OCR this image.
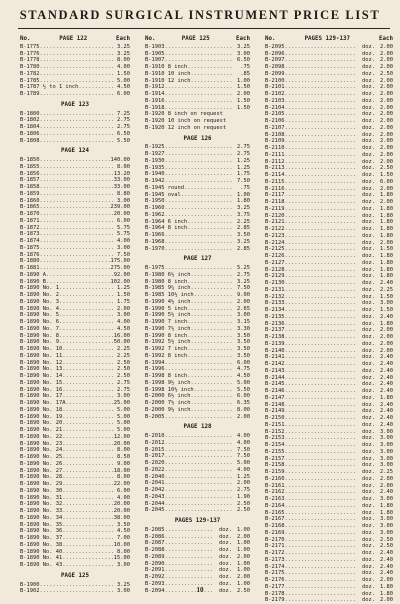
STANDARD SURGICAL INSTRUMENT PRICE LIST
No.	PAGE 122	Each
B-1775 .....	3.25
B-1776 .....	3.25
B-1778 .....	8.00
B-1780 .....	4.00
B-1782 .....	1.50
B-1785 .....	5.00
B-1787 ½ to 1 inch .....	4.50
B-1789 .....	6.00
PAGE 123
B-1800 .....	7.25
B-1802 .....	2.75
B-1804 .....	2.75
B-1806 .....	6.50
B-1808 .....	5.50
PAGE 124
B-1850 .....	140.00
B-1855 .....	8.00
B-1856 .....	13.20
B-1857 .....	33.00
B-1858 .....	33.00
B-1859 .....	8.80
B-1860 .....	3.00
B-1865 .....	239.00
B-1870 .....	20.00
B-1871 .....	6.00
B-1872 .....	5.75
B-1873 .....	5.75
B-1874 .....	4.00
B-1875 .....	3.00
B-1876 .....	7.50
B-1880 .....	175.00
B-1881 .....	275.00
B-1890 A .....	92.00
B-1890 B .....	102.00
B-1890 No. 1 .....	1.25
B-1890 No. 2 .....	1.50
B-1890 No. 3 .....	1.75
B-1890 No. 4 .....	2.00
B-1890 No. 5 .....	3.00
B-1890 No. 6 .....	4.00
B-1890 No. 7 .....	4.50
B-1890 No. 8 .....	16.00
B-1890 No. 9 .....	50.00
B-1890 No. 10 .....	2.25
B-1890 No. 11 .....	2.25
B-1890 No. 12 .....	2.50
B-1890 No. 13 .....	2.50
B-1890 No. 14 .....	2.50
B-1890 No. 15 .....	2.75
B-1890 No. 16 .....	2.75
B-1890 No. 17 .....	3.00
B-1890 No. 17A .....	25.00
B-1890 No. 18 .....	5.00
B-1890 No. 19 .....	5.00
B-1890 No. 20 .....	5.00
B-1890 No. 21 .....	5.00
B-1890 No. 22 .....	12.00
B-1890 No. 23 .....	20.00
B-1890 No. 24 .....	8.00
B-1890 No. 25 .....	8.50
B-1890 No. 26 .....	9.00
B-1890 No. 27 .....	18.00
B-1890 No. 28 .....	8.00
B-1890 No. 29 .....	22.00
B-1890 No. 30 .....	6.00
B-1890 No. 31 .....	4.00
B-1890 No. 32 .....	20.00
B-1890 No. 33 .....	20.00
B-1890 No. 34 .....	38.00
B-1890 No. 35 .....	3.50
B-1890 No. 36 .....	4.50
B-1890 No. 37 .....	7.00
B-1890 No. 38 .....	10.00
B-1890 No. 40 .....	8.00
B-1890 No. 41 .....	15.00
B-1890 No. 43 .....	3.00
PAGE 125
B-1900 .....	3.25
B-1902 .....	3.00
No.	PAGE 125	Each
B-1903 .....	3.25
B-1905 .....	3.00
B-1907 .....	6.50
B-1910 8 inch .....	.75
B-1910 10 inch .....	.85
B-1910 12 inch .....	1.00
B-1912 .....	1.50
B-1914 .....	2.00
B-1916 .....	1.50
B-1918 .....	1.50
B-1920 8 inch on request
B-1920 10 inch on request
B-1920 12 inch on request
PAGE 126
B-1925 .....	2.75
B-1927 .....	2.75
B-1930 .....	1.25
B-1935 .....	1.25
B-1940 .....	1.75
B-1942 .....	7.50
B-1945 round .....	.75
B-1945 oval .....	1.00
B-1950 .....	1.80
B-1960 .....	3.25
B-1962 .....	3.75
B-1964 6 inch .....	2.25
B-1964 8 inch .....	2.85
B-1966 .....	3.50
B-1968 .....	3.25
B-1970 .....	2.85
PAGE 127
B-1975 .....	5.25
B-1980 6½ inch .....	2.75
B-1980 8 inch .....	3.25
B-1985 9¼ inch .....	7.50
B-1985 10½ inch .....	9.00
B-1990 4½ inch .....	2.00
B-1990 5 inch .....	2.65
B-1990 5½ inch .....	3.00
B-1990 7 inch .....	3.15
B-1990 7½ inch .....	3.30
B-1990 8 inch .....	3.50
B-1992 5½ inch .....	3.50
B-1992 7 inch .....	3.50
B-1992 8 inch .....	3.50
B-1994 .....	6.00
B-1996 .....	4.75
B-1998 8 inch .....	4.50
B-1998 9½ inch .....	5.00
B-1998 10½ inch .....	5.50
B-2000 6½ inch .....	6.00
B-2000 7½ inch .....	6.35
B-2000 9½ inch .....	8.00
B-2005 .....	2.00
PAGE 128
B-2010 .....	4.00
B-2012 .....	4.00
B-2015 .....	7.50
B-2017 .....	7.50
B-2020 .....	5.00
B-2022 .....	4.00
B-2040 .....	1.25
B-2041 .....	2.00
B-2042 .....	2.75
B-2043 .....	1.90
B-2044 .....	2.50
B-2045 .....	2.50
PAGES 129-137
B-2085 .....	doz. 1.00
B-2086 .....	doz. 2.00
B-2087 .....	doz. 1.00
B-2088 .....	doz. 1.00
B-2089 .....	doz. 2.00
B-2090 .....	doz. 1.00
B-2091 .....	doz. 1.00
B-2092 .....	doz. 2.00
B-2093 .....	doz. 1.00
B-2094 .....	doz. 2.50
No.	PAGES 129-137	Each
B-2095 .....	doz. 2.00
B-2096 .....	doz. 2.00
B-2097 .....	doz. 2.00
B-2098 .....	doz. 2.00
B-2099 .....	doz. 2.50
B-2100 .....	doz. 2.00
B-2101 .....	doz. 2.00
B-2102 .....	doz. 2.00
B-2103 .....	doz. 2.00
B-2104 .....	doz. 2.00
B-2105 .....	doz. 2.00
B-2106 .....	doz. 2.00
B-2107 .....	doz. 2.00
B-2108 .....	doz. 2.00
B-2109 .....	doz. 2.00
B-2110 .....	doz. 2.00
B-2111 .....	doz. 2.00
B-2112 .....	doz. 2.00
B-2113 .....	doz. 2.50
B-2114 .....	doz. 1.50
B-2115 .....	doz. 6.00
B-2116 .....	doz. 2.00
B-2117 .....	doz. 1.80
B-2118 .....	doz. 2.00
B-2119 .....	doz. 1.80
B-2120 .....	doz. 1.80
B-2121 .....	doz. 1.80
B-2122 .....	doz. 1.80
B-2123 .....	doz. 1.80
B-2124 .....	doz. 2.00
B-2125 .....	doz. 1.50
B-2126 .....	doz. 1.80
B-2127 .....	doz. 1.80
B-2128 .....	doz. 1.80
B-2129 .....	doz. 1.80
B-2130 .....	doz. 2.40
B-2131 .....	doz. 2.25
B-2132 .....	doz. 1.50
B-2133 .....	doz. 3.00
B-2134 .....	doz. 1.50
B-2135 .....	doz. 2.40
B-2136 .....	doz. 1.80
B-2137 .....	doz. 2.00
B-2138 .....	doz. 2.00
B-2139 .....	doz. 2.00
B-2140 .....	doz. 2.00
B-2141 .....	doz. 2.40
B-2142 .....	doz. 2.40
B-2143 .....	doz. 2.40
B-2144 .....	doz. 2.40
B-2145 .....	doz. 2.40
B-2146 .....	doz. 2.40
B-2147 .....	doz. 1.80
B-2148 .....	doz. 2.40
B-2149 .....	doz. 2.40
B-2150 .....	doz. 2.40
B-2151 .....	doz. 2.40
B-2152 .....	doz. 3.00
B-2153 .....	doz. 3.00
B-2154 .....	doz. 3.00
B-2155 .....	doz. 3.00
B-2157 .....	doz. 3.00
B-2158 .....	doz. 3.00
B-2159 .....	doz. 2.25
B-2160 .....	doz. 2.00
B-2161 .....	doz. 2.00
B-2162 .....	doz. 2.40
B-2163 .....	doz. 3.00
B-2164 .....	doz. 1.80
B-2165 .....	doz. 1.80
B-2167 .....	doz. 3.00
B-2168 .....	doz. 3.00
B-2169 .....	doz. 3.00
B-2170 .....	doz. 2.50
B-2171 .....	doz. 2.50
B-2172 .....	doz. 2.40
B-2173 .....	doz. 2.40
B-2174 .....	doz. 2.40
B-2175 .....	doz. 2.40
B-2176 .....	doz. 2.00
B-2177 .....	doz. 1.80
B-2178 .....	doz. 1.80
B-2179 .....	doz. 2.00
10
